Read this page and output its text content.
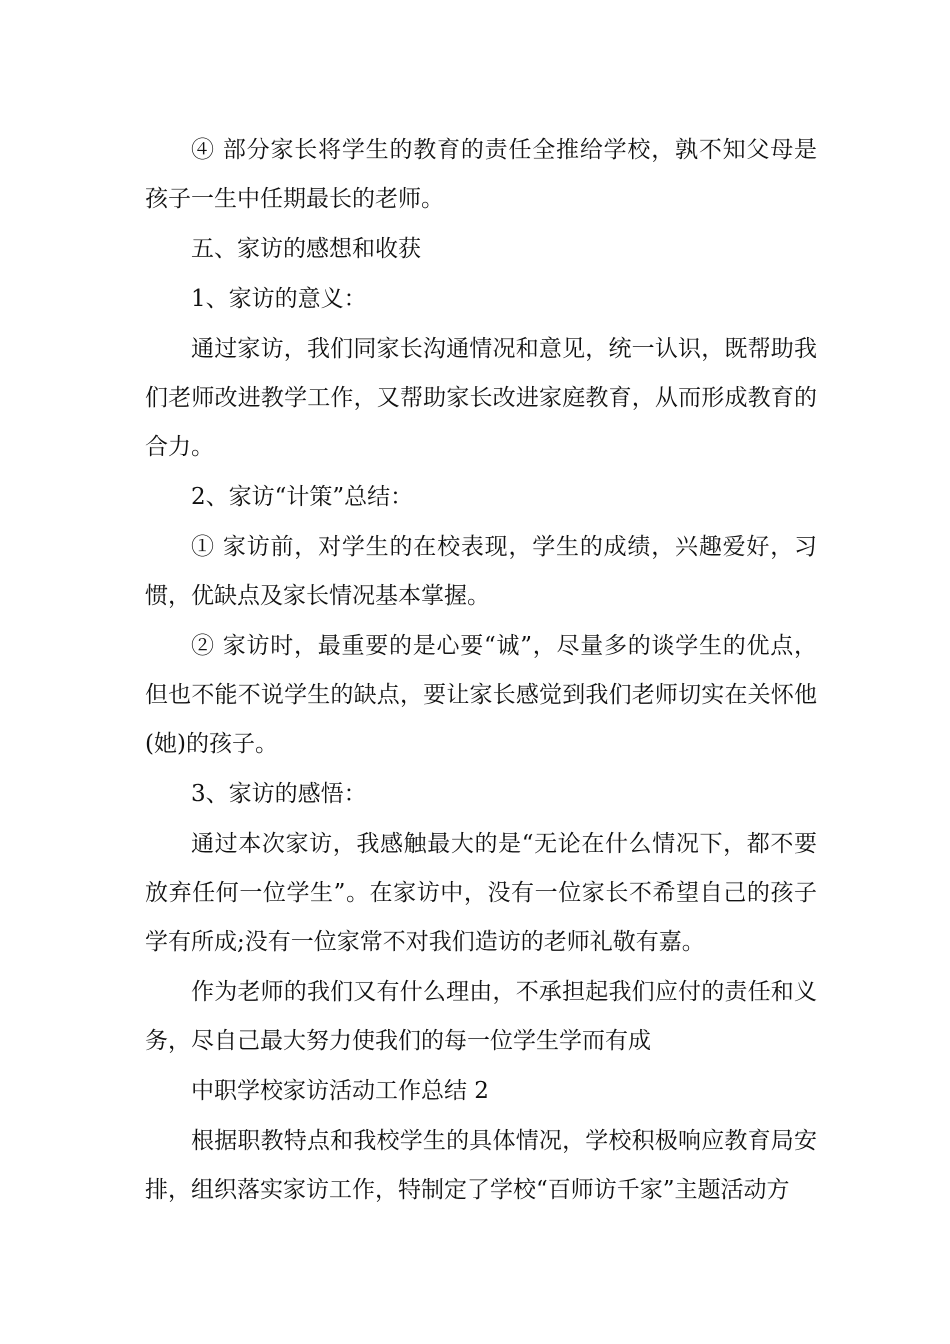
④ 部分家长将学生的教育的责任全推给学校，孰不知父母是孩子一生中任期最长的老师。

五、家访的感想和收获

1、家访的意义：

通过家访，我们同家长沟通情况和意见，统一认识，既帮助我们老师改进教学工作，又帮助家长改进家庭教育，从而形成教育的合力。

2、家访“计策”总结：

① 家访前，对学生的在校表现，学生的成绩，兴趣爱好，习惯，优缺点及家长情况基本掌握。

② 家访时，最重要的是心要“诚”，尽量多的谈学生的优点，但也不能不说学生的缺点，要让家长感觉到我们老师切实在关怀他(她)的孩子。

3、家访的感悟：

通过本次家访，我感触最大的是“无论在什么情况下，都不要放弃任何一位学生”。在家访中，没有一位家长不希望自己的孩子学有所成;没有一位家常不对我们造访的老师礼敬有嘉。

作为老师的我们又有什么理由，不承担起我们应付的责任和义务，尽自己最大努力使我们的每一位学生学而有成

中职学校家访活动工作总结 2

根据职教特点和我校学生的具体情况，学校积极响应教育局安排，组织落实家访工作，特制定了学校“百师访千家”主题活动方
